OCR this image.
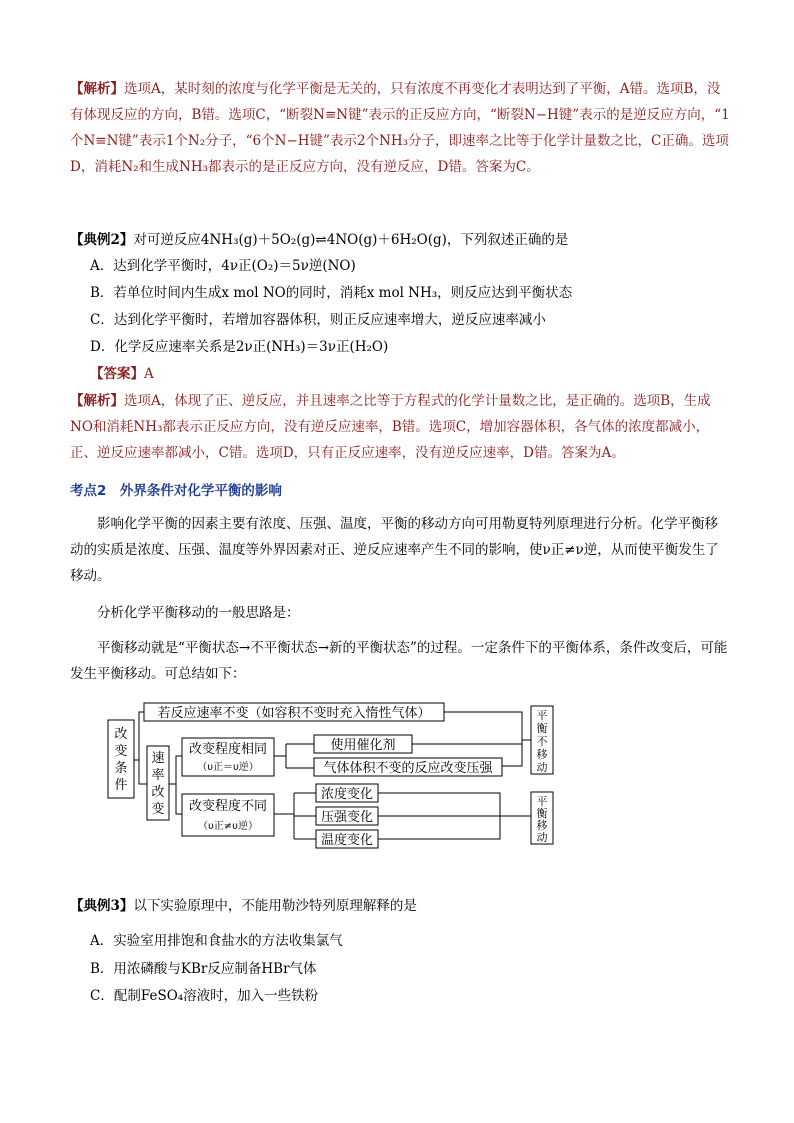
【解析】选项A，某时刻的浓度与化学平衡是无关的，只有浓度不再变化才表明达到了平衡，A错。选项B，没有体现反应的方向，B错。选项C，“断裂N≡N键”表示的正反应方向，“断裂N−H键”表示的是逆反应方向，“1个N≡N键”表示1个N₂分子，“6个N−H键”表示2个NH₃分子，即速率之比等于化学计量数之比，C正确。选项D，消耗N₂和生成NH₃都表示的是正反应方向，没有逆反应，D错。答案为C。

【典例2】对可逆反应4NH₃(g)＋5O₂(g)⇌4NO(g)＋6H₂O(g)，下列叙述正确的是

A．达到化学平衡时，4ν正(O₂)＝5ν逆(NO)

B．若单位时间内生成x mol NO的同时，消耗x mol NH₃，则反应达到平衡状态

C．达到化学平衡时，若增加容器体积，则正反应速率增大，逆反应速率减小

D．化学反应速率关系是2ν正(NH₃)＝3ν正(H₂O)

【答案】A

【解析】选项A，体现了正、逆反应，并且速率之比等于方程式的化学计量数之比，是正确的。选项B，生成NO和消耗NH₃都表示正反应方向，没有逆反应速率，B错。选项C，增加容器体积，各气体的浓度都减小，正、逆反应速率都减小，C错。选项D，只有正反应速率，没有逆反应速率，D错。答案为A。

考点2　外界条件对化学平衡的影响

影响化学平衡的因素主要有浓度、压强、温度，平衡的移动方向可用勒夏特列原理进行分析。化学平衡移动的实质是浓度、压强、温度等外界因素对正、逆反应速率产生不同的影响，使ν正≠ν逆，从而使平衡发生了移动。

分析化学平衡移动的一般思路是：

平衡移动就是“平衡状态→不平衡状态→新的平衡状态”的过程。一定条件下的平衡体系，条件改变后，可能发生平衡移动。可总结如下：

改
变
条
件
若反应速率不变（如容积不变时充入惰性气体）
速
率
改
变
改变程度相同
（υ正＝υ逆）
改变程度不同
（υ正≠υ逆）
使用催化剂
气体体积不变的反应改变压强
浓度变化
压强变化
温度变化
平
衡
不
移
动
平
衡
移
动

【典例3】以下实验原理中，不能用勒沙特列原理解释的是

A．实验室用排饱和食盐水的方法收集氯气

B．用浓磷酸与KBr反应制备HBr气体

C．配制FeSO₄溶液时，加入一些铁粉
